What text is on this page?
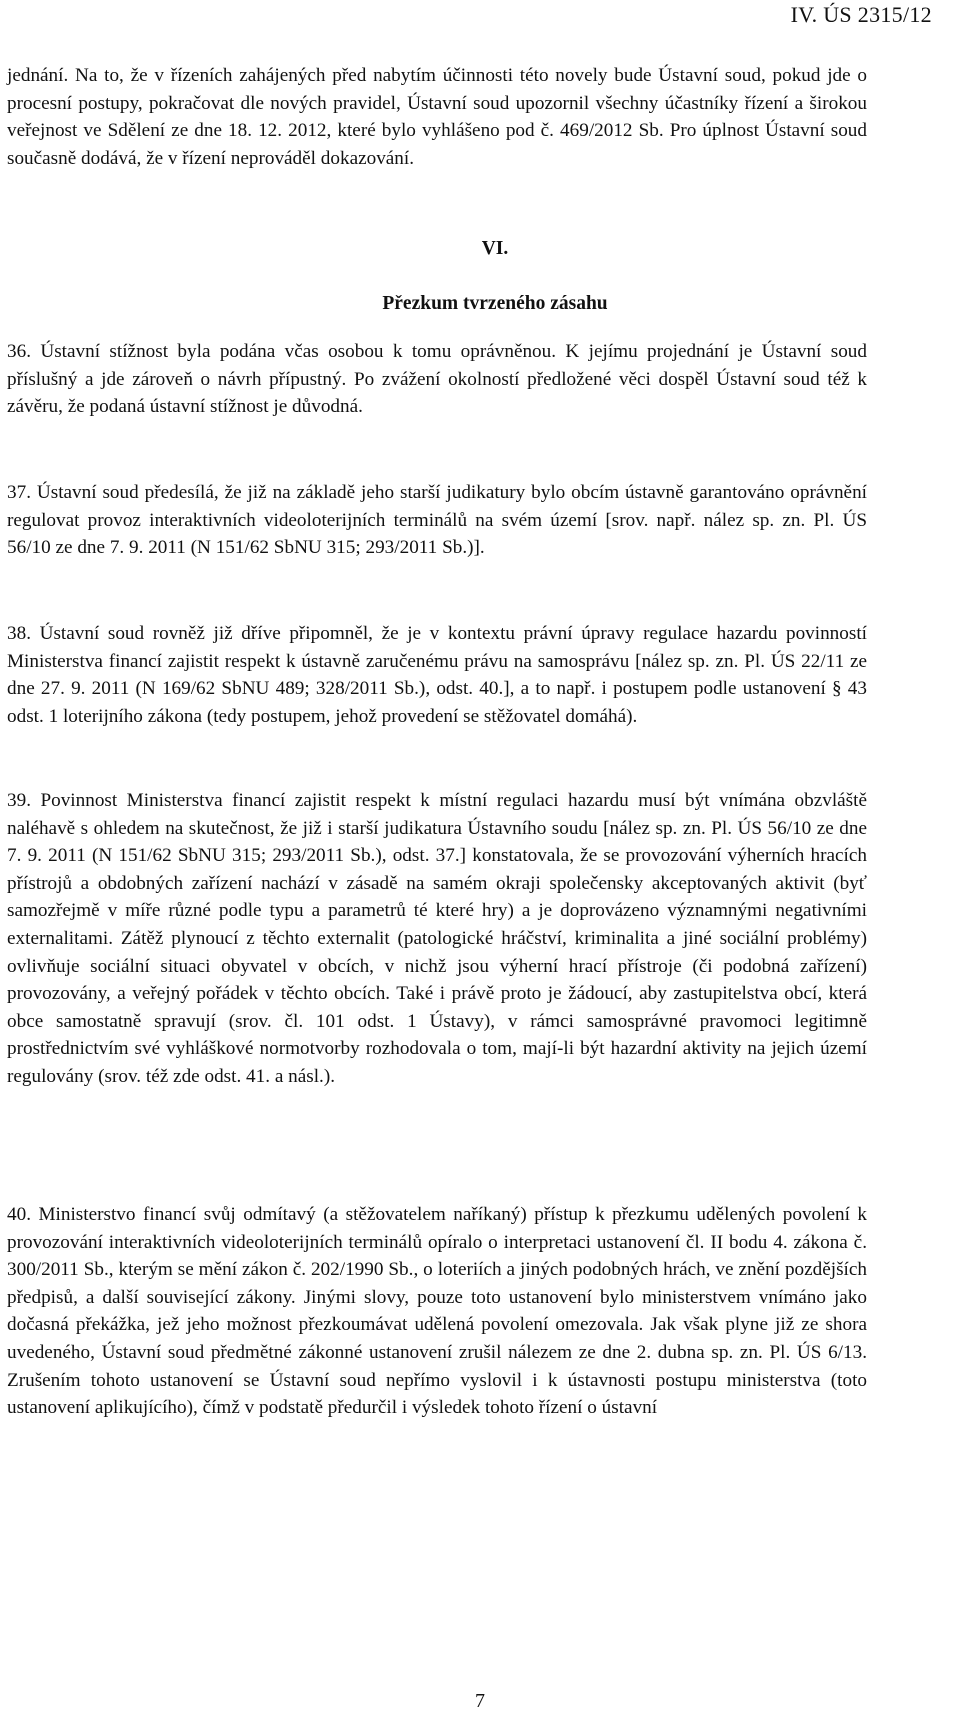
IV. ÚS 2315/12

jednání. Na to, že v řízeních zahájených před nabytím účinnosti této novely bude Ústavní soud, pokud jde o procesní postupy, pokračovat dle nových pravidel, Ústavní soud upozornil všechny účastníky řízení a širokou veřejnost ve Sdělení ze dne 18. 12. 2012, které bylo vyhlášeno pod č. 469/2012 Sb. Pro úplnost Ústavní soud současně dodává, že v řízení neprováděl dokazování.

VI.
Přezkum tvrzeného zásahu

36. Ústavní stížnost byla podána včas osobou k tomu oprávněnou. K jejímu projednání je Ústavní soud příslušný a jde zároveň o návrh přípustný. Po zvážení okolností předložené věci dospěl Ústavní soud též k závěru, že podaná ústavní stížnost je důvodná.

37. Ústavní soud předesílá, že již na základě jeho starší judikatury bylo obcím ústavně garantováno oprávnění regulovat provoz interaktivních videoloterijních terminálů na svém území [srov. např. nález sp. zn. Pl. ÚS 56/10 ze dne 7. 9. 2011 (N 151/62 SbNU 315; 293/2011 Sb.)].

38. Ústavní soud rovněž již dříve připomněl, že je v kontextu právní úpravy regulace hazardu povinností Ministerstva financí zajistit respekt k ústavně zaručenému právu na samosprávu [nález sp. zn. Pl. ÚS 22/11 ze dne 27. 9. 2011 (N 169/62 SbNU 489; 328/2011 Sb.), odst. 40.], a to např. i postupem podle ustanovení § 43 odst. 1 loterijního zákona (tedy postupem, jehož provedení se stěžovatel domáhá).

39. Povinnost Ministerstva financí zajistit respekt k místní regulaci hazardu musí být vnímána obzvláště naléhavě s ohledem na skutečnost, že již i starší judikatura Ústavního soudu [nález sp. zn. Pl. ÚS 56/10 ze dne 7. 9. 2011 (N 151/62 SbNU 315; 293/2011 Sb.), odst. 37.] konstatovala, že se provozování výherních hracích přístrojů a obdobných zařízení nachází v zásadě na samém okraji společensky akceptovaných aktivit (byť samozřejmě v míře různé podle typu a parametrů té které hry) a je doprovázeno významnými negativními externalitami. Zátěž plynoucí z těchto externalit (patologické hráčství, kriminalita a jiné sociální problémy) ovlivňuje sociální situaci obyvatel v obcích, v nichž jsou výherní hrací přístroje (či podobná zařízení) provozovány, a veřejný pořádek v těchto obcích. Také i právě proto je žádoucí, aby zastupitelstva obcí, která obce samostatně spravují (srov. čl. 101 odst. 1 Ústavy), v rámci samosprávné pravomoci legitimně prostřednictvím své vyhláškové normotvorby rozhodovala o tom, mají-li být hazardní aktivity na jejich území regulovány (srov. též zde odst. 41. a násl.).

40. Ministerstvo financí svůj odmítavý (a stěžovatelem naříkaný) přístup k přezkumu udělených povolení k provozování interaktivních videoloterijních terminálů opíralo o interpretaci ustanovení čl. II bodu 4. zákona č. 300/2011 Sb., kterým se mění zákon č. 202/1990 Sb., o loteriích a jiných podobných hrách, ve znění pozdějších předpisů, a další související zákony. Jinými slovy, pouze toto ustanovení bylo ministerstvem vnímáno jako dočasná překážka, jež jeho možnost přezkoumávat udělená povolení omezovala. Jak však plyne již ze shora uvedeného, Ústavní soud předmětné zákonné ustanovení zrušil nálezem ze dne 2. dubna sp. zn. Pl. ÚS 6/13. Zrušením tohoto ustanovení se Ústavní soud nepřímo vyslovil i k ústavnosti postupu ministerstva (toto ustanovení aplikujícího), čímž v podstatě předurčil i výsledek tohoto řízení o ústavní

7
